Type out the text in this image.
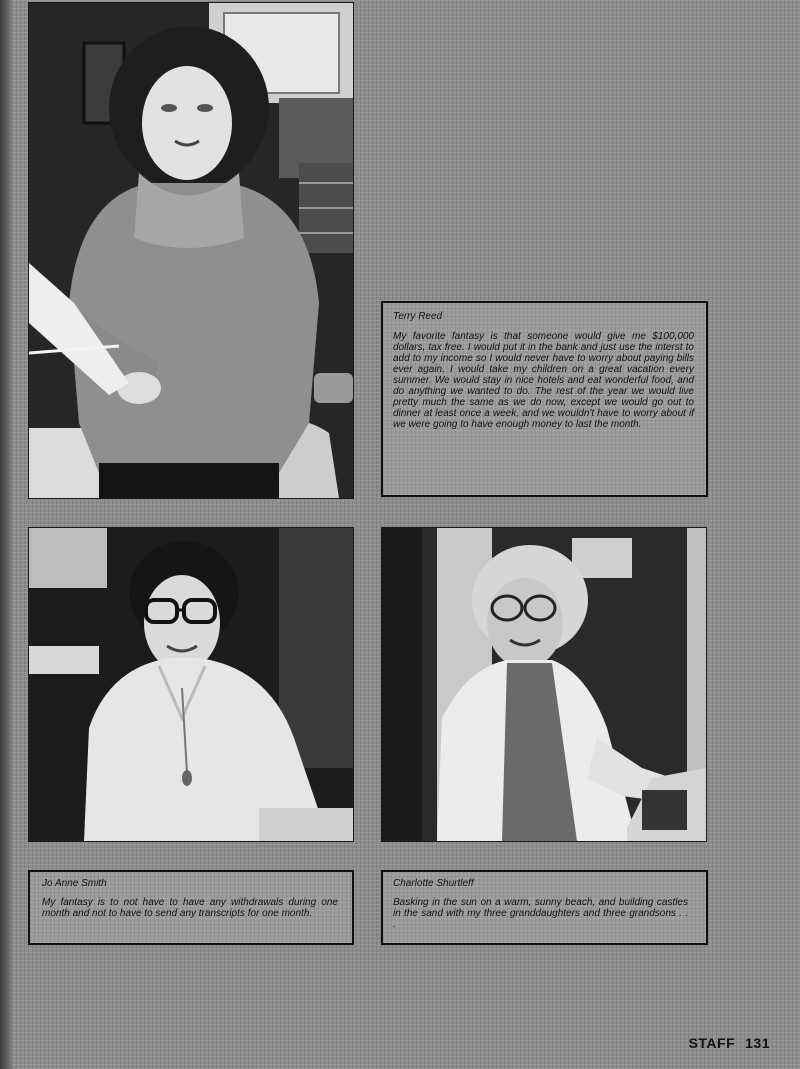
Terry Reed

My favorite fantasy is that someone would give me $100,000 dollars, tax free. I would put it in the bank and just use the interst to add to my income so I would never have to worry about paying bills ever again. I would take my children on a great vacation every summer. We would stay in nice hotels and eat wonderful food, and do anything we wanted to do. The rest of the year we would live pretty much the same as we do now, except we would go out to dinner at least once a week, and we wouldn't have to worry about if we were going to have enough money to last the month.

Jo Anne Smith

My fantasy is to not have to have any withdrawals during one month and not to have to send any transcripts for one month.

Charlotte Shurtleff

Basking in the sun on a warm, sunny beach, and building castles in the sand with my three granddaughters and three grandsons . . .

STAFF 131
